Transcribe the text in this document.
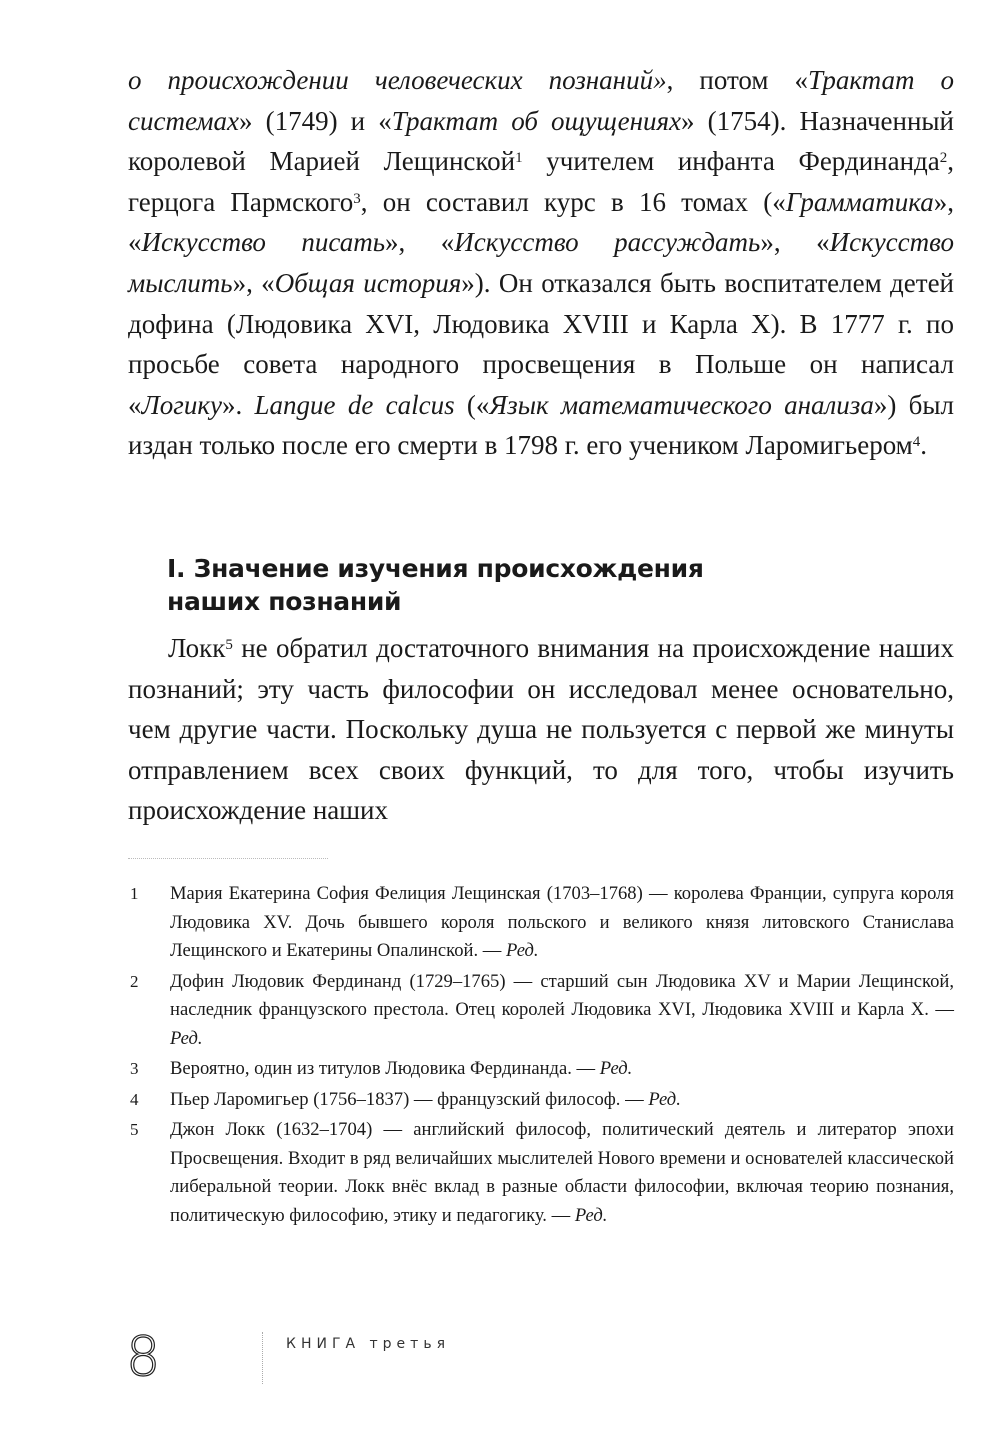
о происхождении человеческих познаний», потом «Трактат о системах» (1749) и «Трактат об ощущениях» (1754). Назначенный королевой Марией Лещинской$^1$ учителем инфанта Фердинанда$^2$, герцога Пармского$^3$, он составил курс в 16 томах («Грамматика», «Искусство писать», «Искусство рассуждать», «Искусство мыслить», «Общая история»). Он отказался быть воспитателем детей дофина (Людовика XVI, Людовика XVIII и Карла X). В 1777 г. по просьбе совета народного просвещения в Польше он написал «Логику». Langue de calcus («Язык математического анализа») был издан только после его смерти в 1798 г. его учеником Ларомигьером$^4$.

I. Значение изучения происхождения

наших познаний

Локк$^5$ не обратил достаточного внимания на происхождение наших познаний; эту часть философии он исследовал менее основательно, чем другие части. Поскольку душа не пользуется с первой же минуты отправлением всех своих функций, то для того, чтобы изучить происхождение наших

1 Мария Екатерина София Фелиция Лещинская (1703–1768) — королева Франции, супруга короля Людовика XV. Дочь бывшего короля польского и великого князя литовского Станислава Лещинского и Екатерины Опалинской. — Ред.
2 Дофин Людовик Фердинанд (1729–1765) — старший сын Людовика XV и Марии Лещинской, наследник французского престола. Отец королей Людовика XVI, Людовика XVIII и Карла X. — Ред.
3 Вероятно, один из титулов Людовика Фердинанда. — Ред.
4 Пьер Ларомигьер (1756–1837) — французский философ. — Ред.
5 Джон Локк (1632–1704) — английский философ, политический деятель и литератор эпохи Просвещения. Входит в ряд величайших мыслителей Нового времени и основателей классической либеральной теории. Локк внёс вклад в разные области философии, включая теорию познания, политическую философию, этику и педагогику. — Ред.
8	КНИГА третья
